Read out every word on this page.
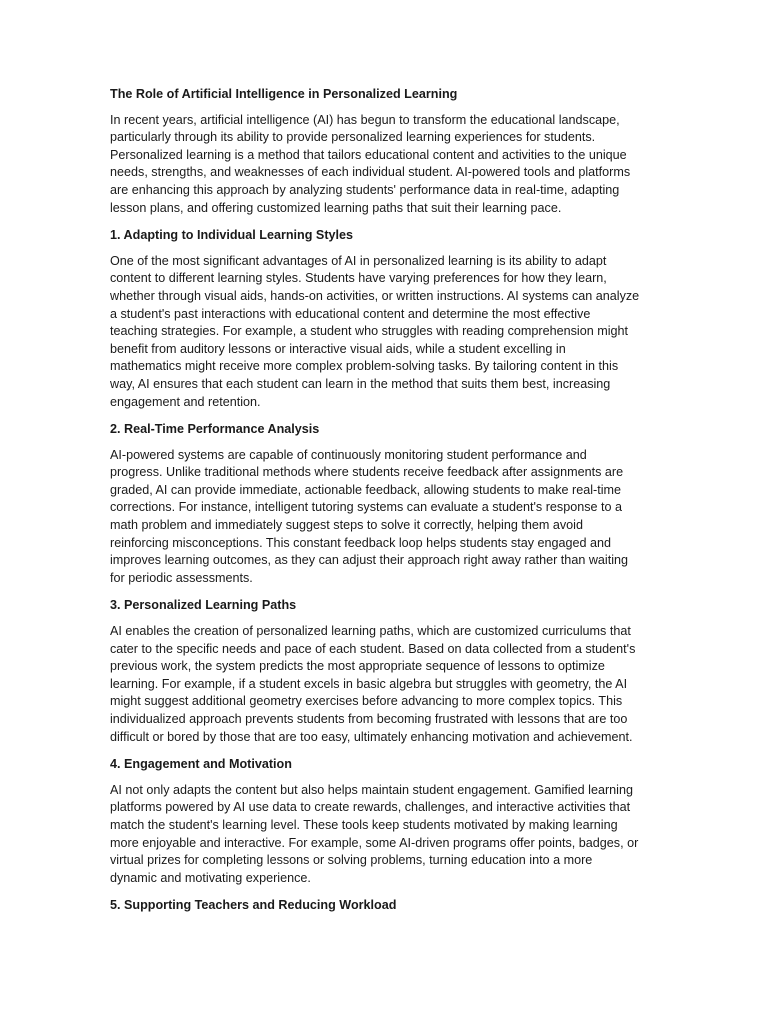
The Role of Artificial Intelligence in Personalized Learning
In recent years, artificial intelligence (AI) has begun to transform the educational landscape,
particularly through its ability to provide personalized learning experiences for students.
Personalized learning is a method that tailors educational content and activities to the unique
needs, strengths, and weaknesses of each individual student. AI-powered tools and platforms
are enhancing this approach by analyzing students' performance data in real-time, adapting
lesson plans, and offering customized learning paths that suit their learning pace.
1. Adapting to Individual Learning Styles
One of the most significant advantages of AI in personalized learning is its ability to adapt
content to different learning styles. Students have varying preferences for how they learn,
whether through visual aids, hands-on activities, or written instructions. AI systems can analyze
a student's past interactions with educational content and determine the most effective
teaching strategies. For example, a student who struggles with reading comprehension might
benefit from auditory lessons or interactive visual aids, while a student excelling in
mathematics might receive more complex problem-solving tasks. By tailoring content in this
way, AI ensures that each student can learn in the method that suits them best, increasing
engagement and retention.
2. Real-Time Performance Analysis
AI-powered systems are capable of continuously monitoring student performance and
progress. Unlike traditional methods where students receive feedback after assignments are
graded, AI can provide immediate, actionable feedback, allowing students to make real-time
corrections. For instance, intelligent tutoring systems can evaluate a student's response to a
math problem and immediately suggest steps to solve it correctly, helping them avoid
reinforcing misconceptions. This constant feedback loop helps students stay engaged and
improves learning outcomes, as they can adjust their approach right away rather than waiting
for periodic assessments.
3. Personalized Learning Paths
AI enables the creation of personalized learning paths, which are customized curriculums that
cater to the specific needs and pace of each student. Based on data collected from a student's
previous work, the system predicts the most appropriate sequence of lessons to optimize
learning. For example, if a student excels in basic algebra but struggles with geometry, the AI
might suggest additional geometry exercises before advancing to more complex topics. This
individualized approach prevents students from becoming frustrated with lessons that are too
difficult or bored by those that are too easy, ultimately enhancing motivation and achievement.
4. Engagement and Motivation
AI not only adapts the content but also helps maintain student engagement. Gamified learning
platforms powered by AI use data to create rewards, challenges, and interactive activities that
match the student's learning level. These tools keep students motivated by making learning
more enjoyable and interactive. For example, some AI-driven programs offer points, badges, or
virtual prizes for completing lessons or solving problems, turning education into a more
dynamic and motivating experience.
5. Supporting Teachers and Reducing Workload
